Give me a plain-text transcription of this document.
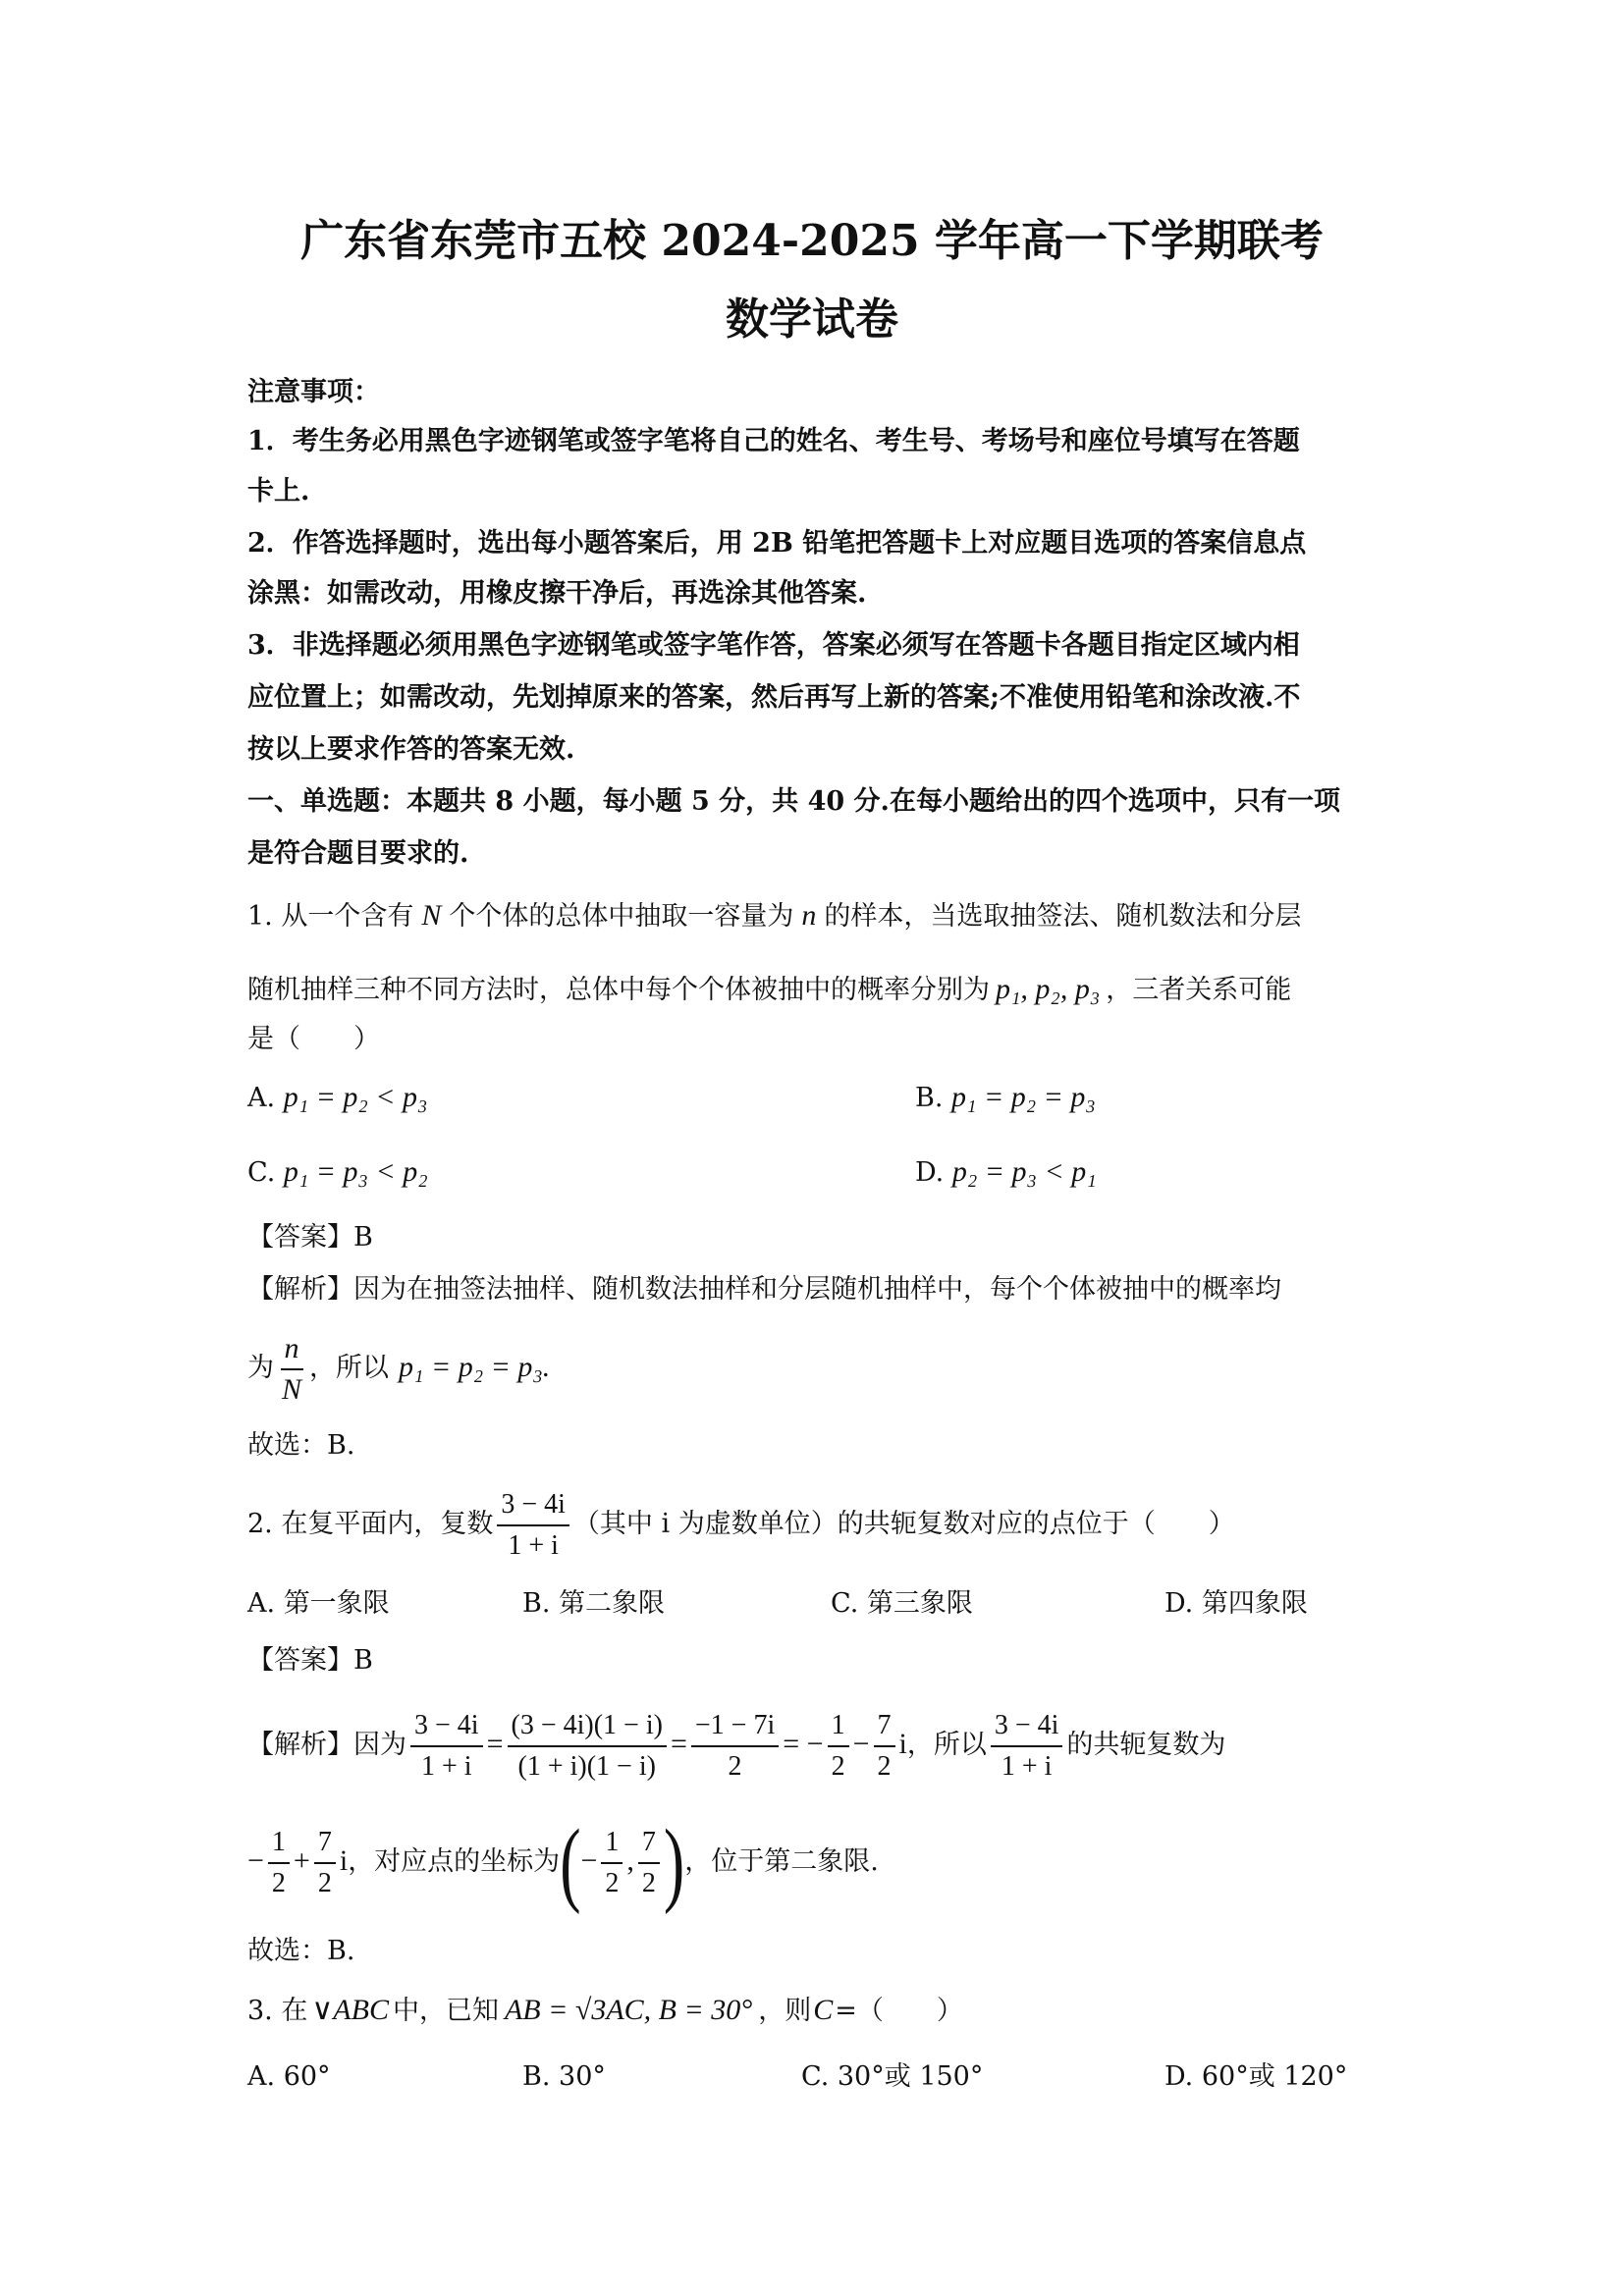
广东省东莞市五校 2024-2025 学年高一下学期联考
数学试卷
注意事项：
1．考生务必用黑色字迹钢笔或签字笔将自己的姓名、考生号、考场号和座位号填写在答题
卡上.
2．作答选择题时，选出每小题答案后，用 2B 铅笔把答题卡上对应题目选项的答案信息点
涂黑：如需改动，用橡皮擦干净后，再选涂其他答案.
3．非选择题必须用黑色字迹钢笔或签字笔作答，答案必须写在答题卡各题目指定区域内相
应位置上；如需改动，先划掉原来的答案，然后再写上新的答案;不准使用铅笔和涂改液.不
按以上要求作答的答案无效.
一、单选题：本题共 8 小题，每小题 5 分，共 40 分.在每小题给出的四个选项中，只有一项
是符合题目要求的.
1. 从一个含有 N 个个体的总体中抽取一容量为 n 的样本，当选取抽签法、随机数法和分层
随机抽样三种不同方法时，总体中每个个体被抽中的概率分别为 p₁, p₂, p₃ ，三者关系可能
是（　　）
A. p₁ = p₂ < p₃	B. p₁ = p₂ = p₃
C. p₁ = p₃ < p₂	D. p₂ = p₃ < p₁
【答案】B
【解析】因为在抽签法抽样、随机数法抽样和分层随机抽样中，每个个体被抽中的概率均
为 $\frac{n}{N}$ ，所以 p₁ = p₂ = p₃.
故选：B.
2. 在复平面内，复数 $\frac{3 - 4i}{1 + i}$ （其中 i 为虚数单位）的共轭复数对应的点位于（　　）
A. 第一象限	B. 第二象限	C. 第三象限	D. 第四象限
【答案】B
【解析】因为 $\frac{3 - 4i}{1 + i} = \frac{(3 - 4i)(1 - i)}{(1 + i)(1 - i)} = \frac{-1 - 7i}{2}$ = − $\frac{1}{2} - \frac{7}{2}$ i，所以 $\frac{3 - 4i}{1 + i}$ 的共轭复数为
− $\frac{1}{2} + \frac{7}{2}$ i，对应点的坐标为(− $\frac{1}{2}$ , $\frac{7}{2}$ )，位于第二象限.
故选：B.
3. 在 ∨ABC 中，已知 AB = √3AC, B = 30° ，则C=（　　）
A. 60°	B. 30°	C. 30°或 150°	D. 60°或 120°
